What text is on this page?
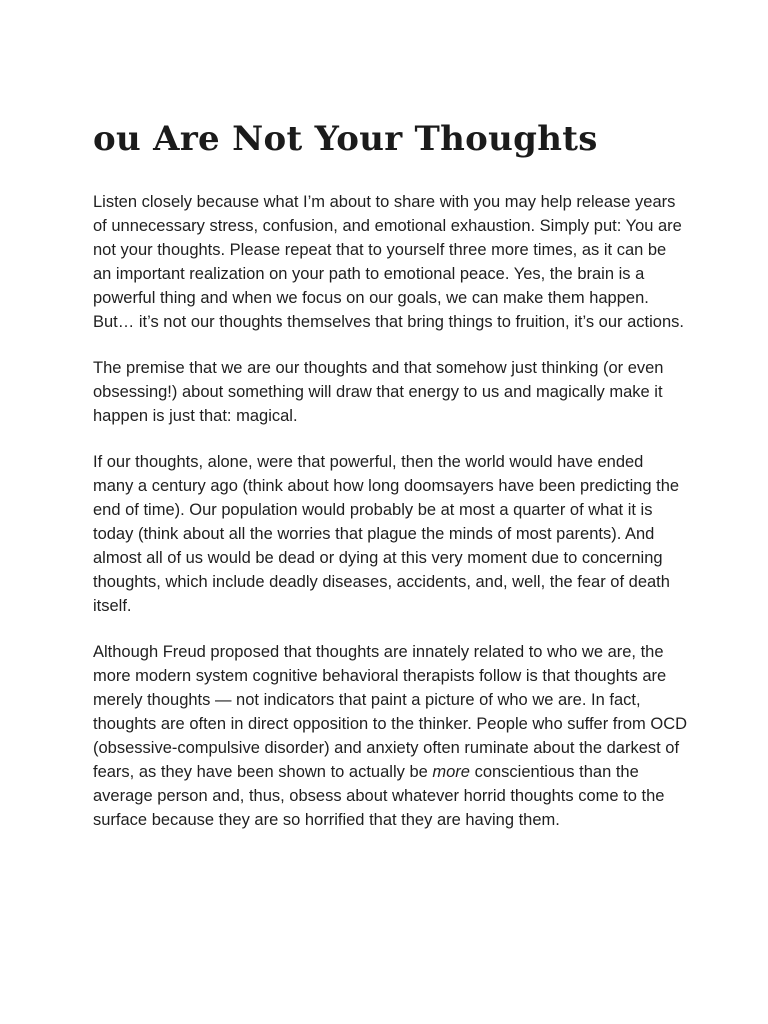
ou Are Not Your Thoughts

Listen closely because what I’m about to share with you may help release years of unnecessary stress, confusion, and emotional exhaustion. Simply put: You are not your thoughts. Please repeat that to yourself three more times, as it can be an important realization on your path to emotional peace. Yes, the brain is a powerful thing and when we focus on our goals, we can make them happen. But… it’s not our thoughts themselves that bring things to fruition, it’s our actions.

The premise that we are our thoughts and that somehow just thinking (or even obsessing!) about something will draw that energy to us and magically make it happen is just that: magical.

If our thoughts, alone, were that powerful, then the world would have ended many a century ago (think about how long doomsayers have been predicting the end of time). Our population would probably be at most a quarter of what it is today (think about all the worries that plague the minds of most parents). And almost all of us would be dead or dying at this very moment due to concerning thoughts, which include deadly diseases, accidents, and, well, the fear of death itself.

Although Freud proposed that thoughts are innately related to who we are, the more modern system cognitive behavioral therapists follow is that thoughts are merely thoughts — not indicators that paint a picture of who we are. In fact, thoughts are often in direct opposition to the thinker. People who suffer from OCD (obsessive-compulsive disorder) and anxiety often ruminate about the darkest of fears, as they have been shown to actually be more conscientious than the average person and, thus, obsess about whatever horrid thoughts come to the surface because they are so horrified that they are having them.
